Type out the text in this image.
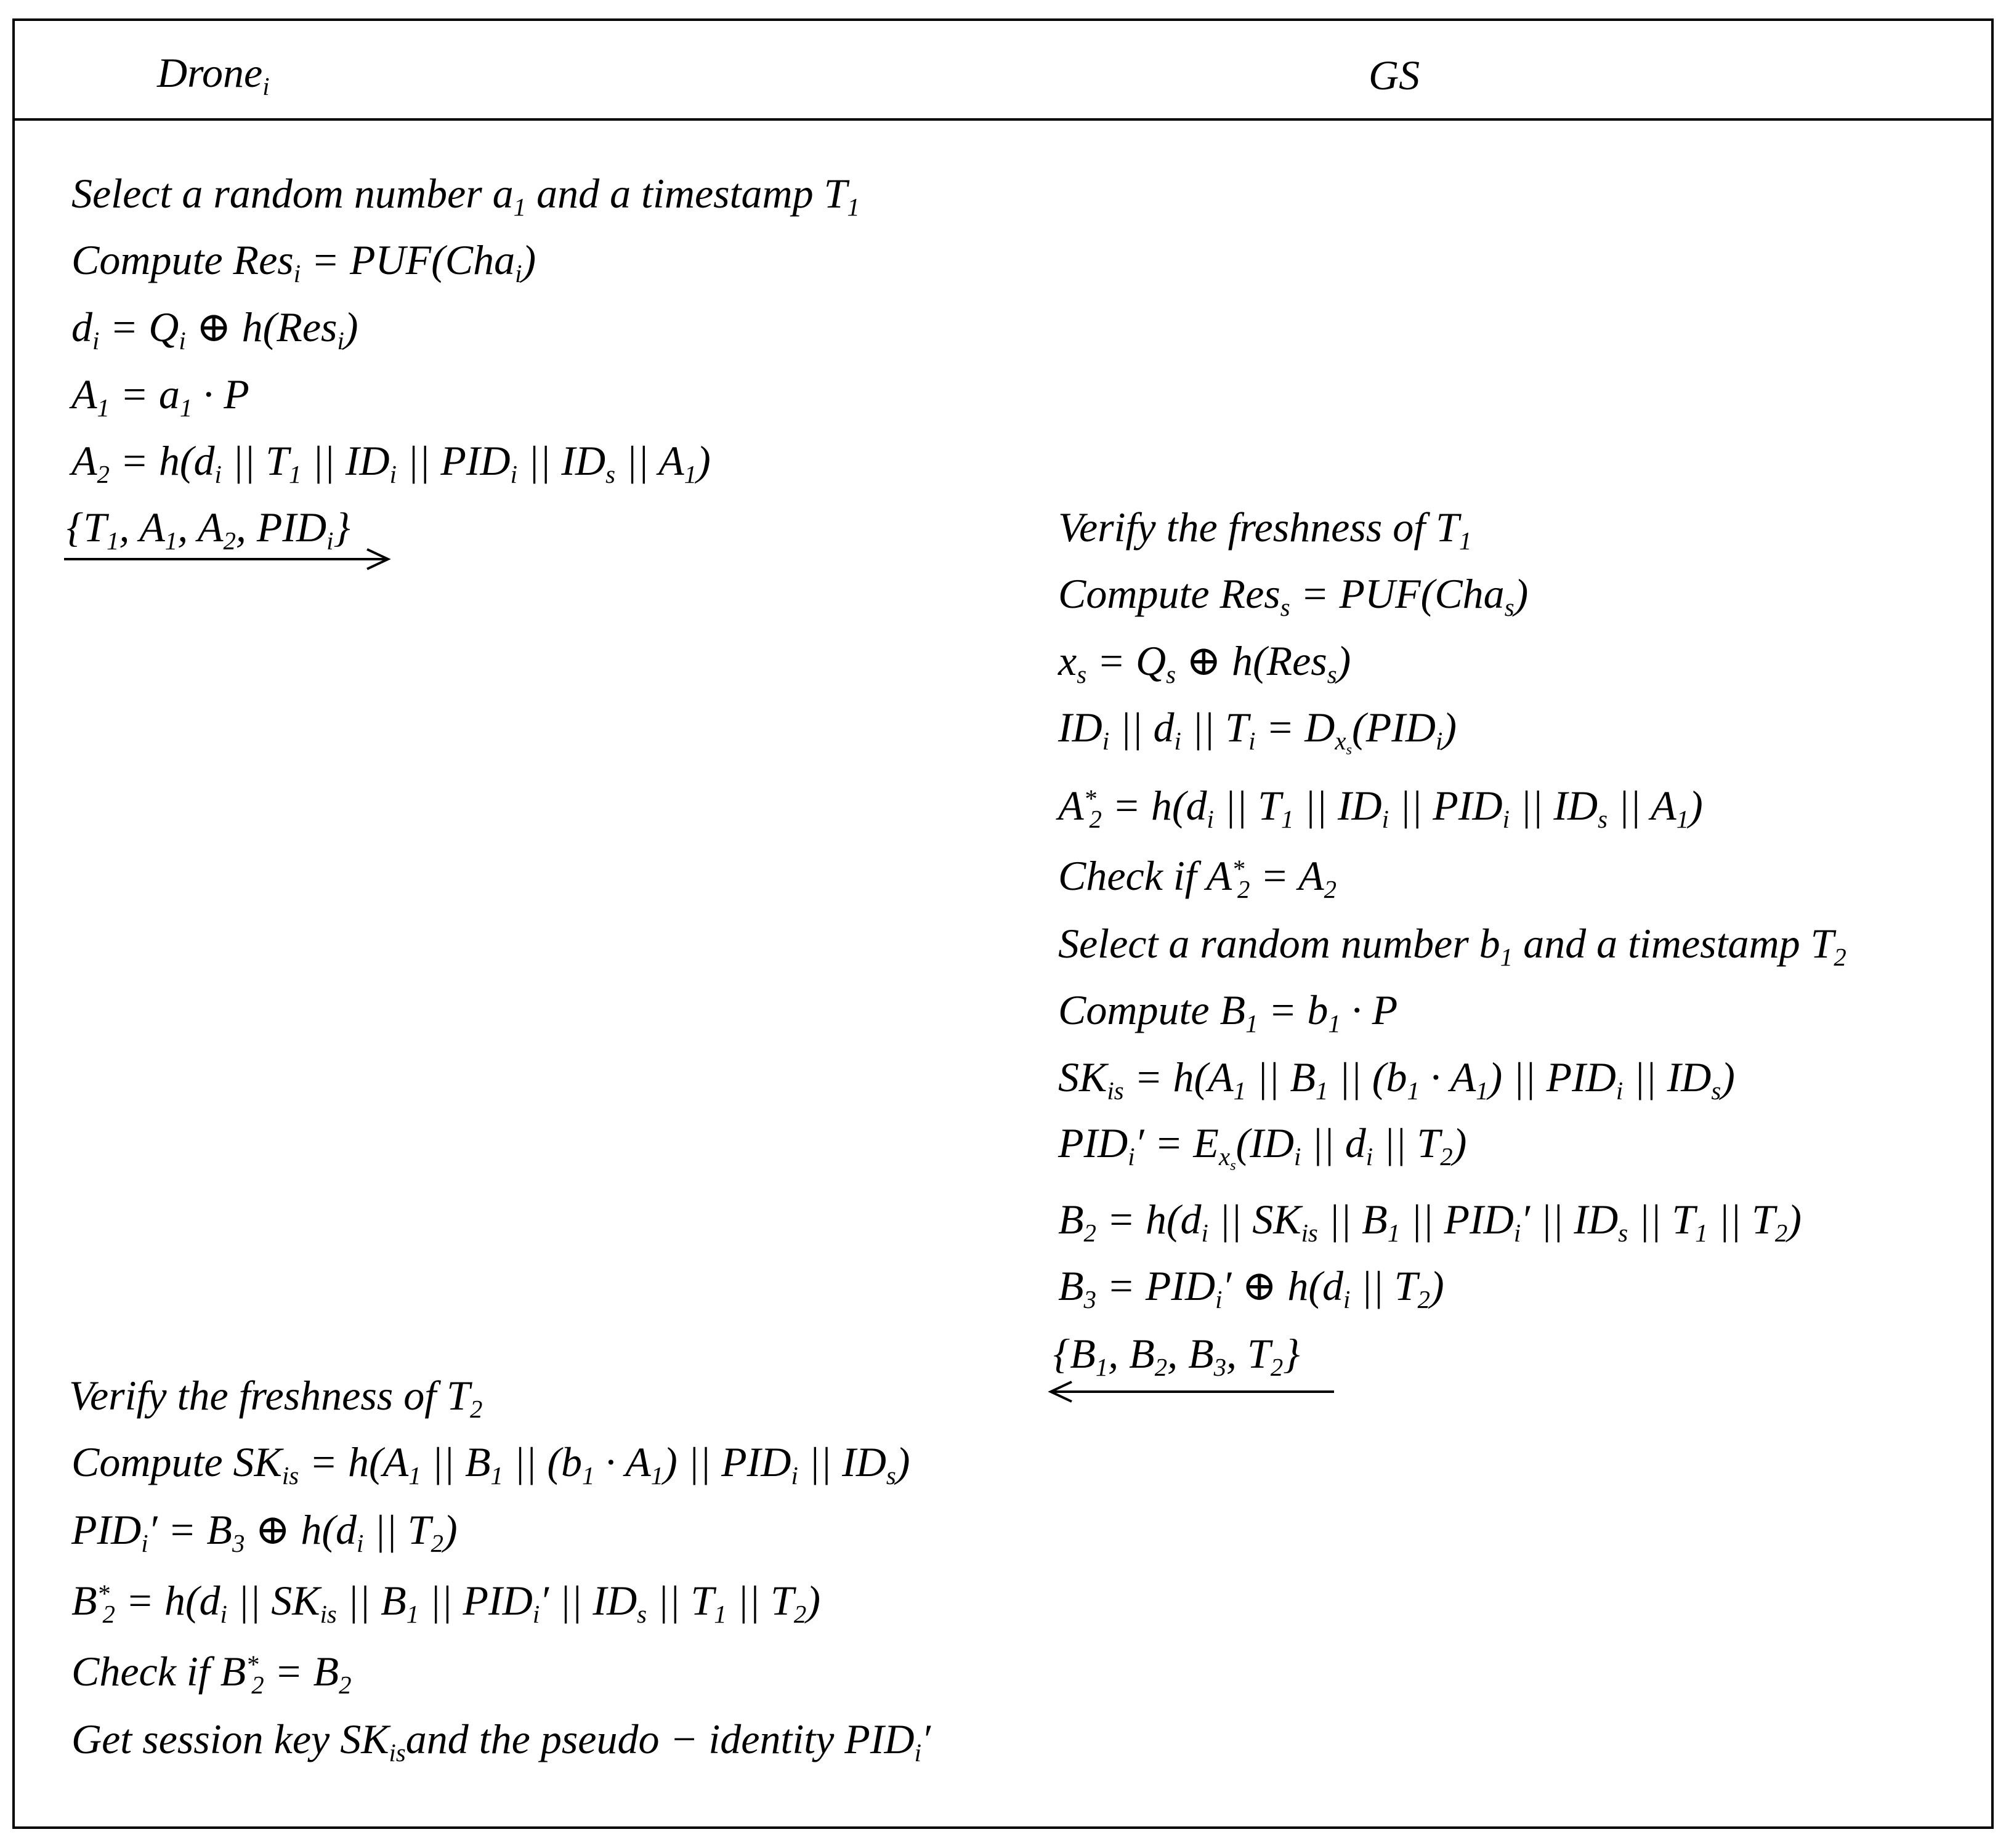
Drone$_i$	GS
Select a random number $a_1$ and a timestamp $T_1$
Compute Res$_i$ = PUF(Cha$_i$)
$d_i = Q_i$ ⊕ h(Res$_i$)
$A_1 = a_1 \cdot P$
$A_2 = h(d_i$ || $T_1$ || $ID_i$ || $PID_i$ || $ID_s$ || $A_1$)
{$T_1$, $A_1$, $A_2$, $PID_i$}	Verify the freshness of $T_1$
Compute Res$_s$ = PUF(Cha$_s$)
$x_s = Q_s$ ⊕ h(Res$_s$)
$ID_i$ || $d_i$ || $T_i = D_{x_s}(PID_i)$
$A^*_2 = h(d_i$ || $T_1$ || $ID_i$ || $PID_i$ || $ID_s$ || $A_1$)
Check if $A^*_2 = A_2$
Select a random number $b_1$ and a timestamp $T_2$
Compute $B_1 = b_1 \cdot P$
$SK_{is} = h(A_1$ || $B_1$ || $(b_1 \cdot A_1)$ || $PID_i$ || $ID_s$)
$PID_i' = E_{x_s}(ID_i$ || $d_i$ || $T_2$)
$B_2 = h(d_i$ || $SK_{is}$ || $B_1$ || $PID_i'$ || $ID_s$ || $T_1$ || $T_2$)
$B_3 = PID_i'$ ⊕ $h(d_i$ || $T_2$)
{$B_1$, $B_2$, $B_3$, $T_2$}
Verify the freshness of $T_2$
Compute $SK_{is} = h(A_1$ || $B_1$ || $(b_1 \cdot A_1)$ || $PID_i$ || $ID_s$)
$PID_i' = B_3$ ⊕ $h(d_i$ || $T_2$)
$B^*_2 = h(d_i$ || $SK_{is}$ || $B_1$ || $PID_i'$ || $ID_s$ || $T_1$ || $T_2$)
Check if $B^*_2 = B_2$
Get session key $SK_{is}and$ the pseudo − identity $PID_i'$
